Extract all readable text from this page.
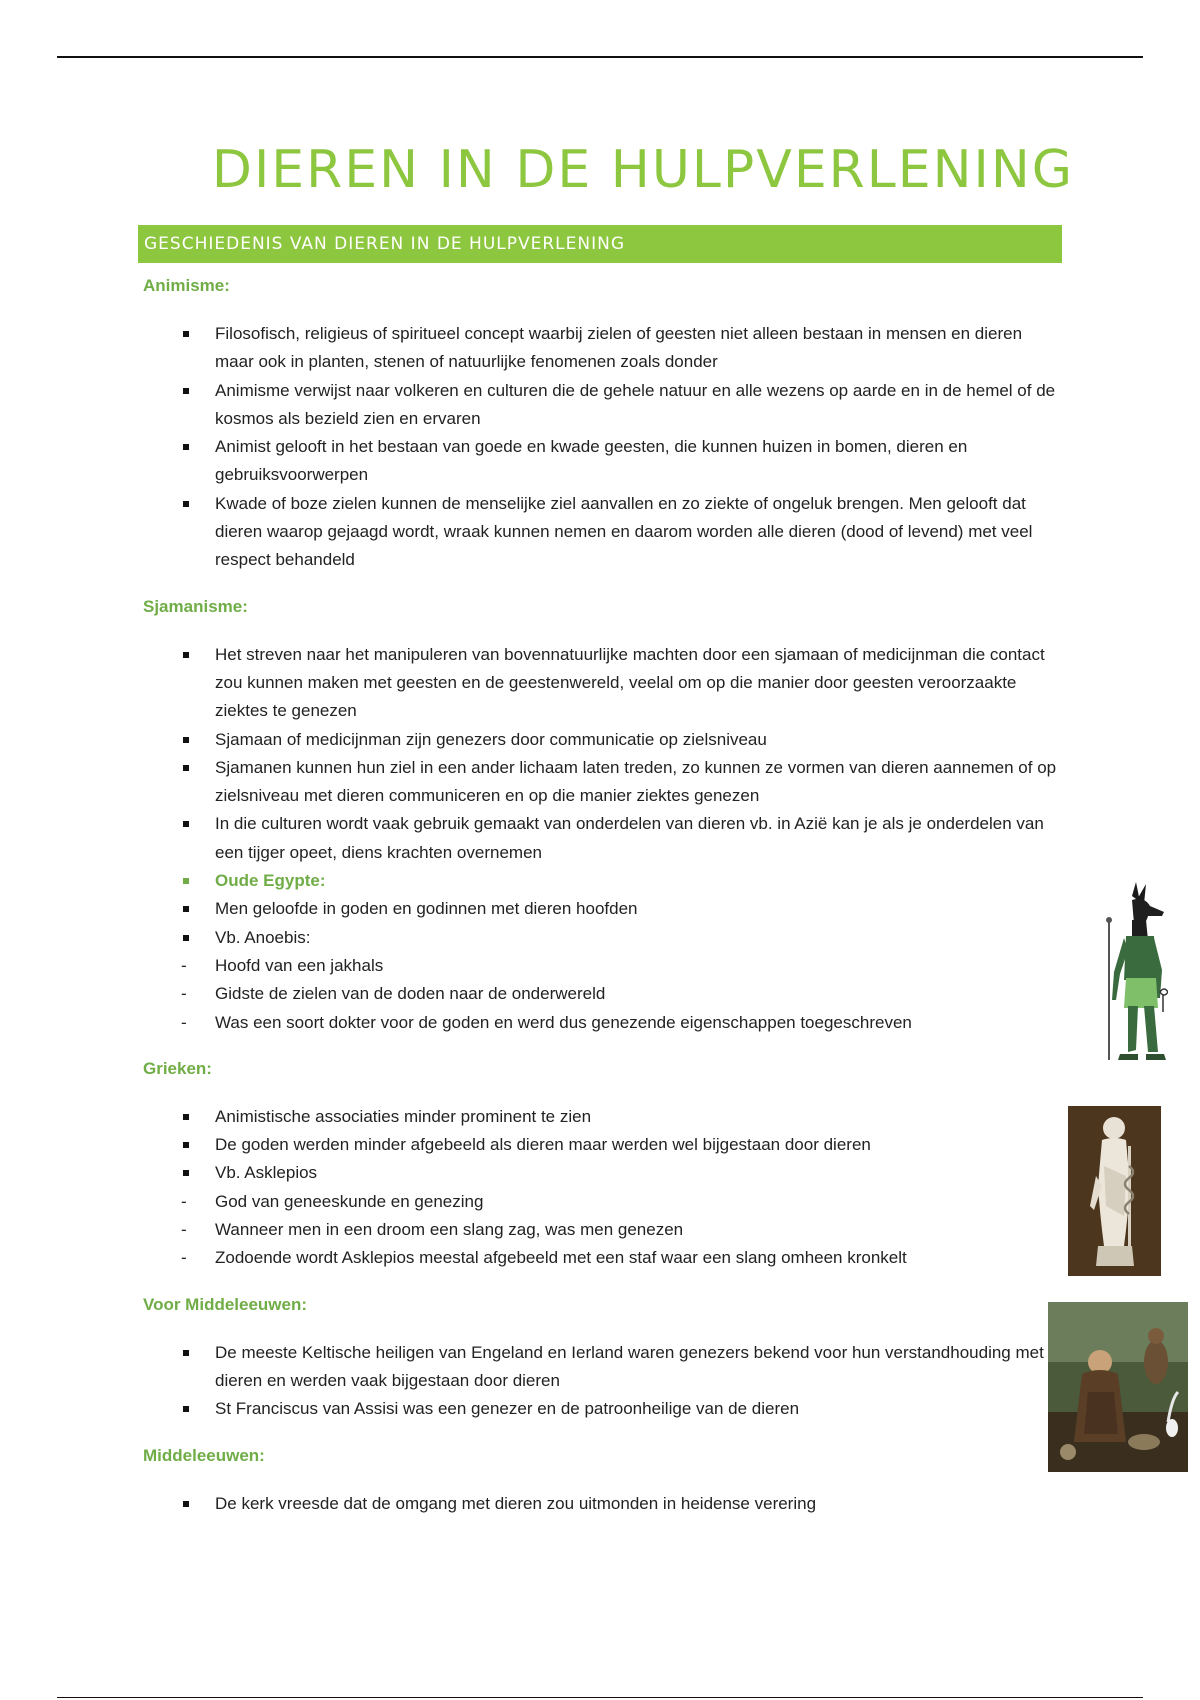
DIEREN IN DE HULPVERLENING
GESCHIEDENIS VAN DIEREN IN DE HULPVERLENING
Animisme:
Filosofisch, religieus of spiritueel concept waarbij zielen of geesten niet alleen bestaan in mensen en dieren maar ook in planten, stenen of natuurlijke fenomenen zoals donder
Animisme verwijst naar volkeren en culturen die de gehele natuur en alle wezens op aarde en in de hemel of de kosmos als bezield zien en ervaren
Animist gelooft in het bestaan van goede en kwade geesten, die kunnen huizen in bomen, dieren en gebruiksvoorwerpen
Kwade of boze zielen kunnen de menselijke ziel aanvallen en zo ziekte of ongeluk brengen. Men gelooft dat dieren waarop gejaagd wordt, wraak kunnen nemen en daarom worden alle dieren (dood of levend) met veel respect behandeld
Sjamanisme:
Het streven naar het manipuleren van bovennatuurlijke machten door een sjamaan of medicijnman die contact zou kunnen maken met geesten en de geestenwereld, veelal om op die manier door geesten veroorzaakte ziektes te genezen
Sjamaan of medicijnman zijn genezers door communicatie op zielsniveau
Sjamanen kunnen hun ziel in een ander lichaam laten treden, zo kunnen ze vormen van dieren aannemen of op zielsniveau met dieren communiceren en op die manier ziektes genezen
In die culturen wordt vaak gebruik gemaakt van onderdelen van dieren vb. in Azië kan je als je onderdelen van een tijger opeet, diens krachten overnemen
Oude Egypte:
Men geloofde in goden en godinnen met dieren hoofden
Vb. Anoebis:
- Hoofd van een jakhals
- Gidste de zielen van de doden naar de onderwereld
- Was een soort dokter voor de goden en werd dus genezende eigenschappen toegeschreven
Grieken:
Animistische associaties minder prominent te zien
De goden werden minder afgebeeld als dieren maar werden wel bijgestaan door dieren
Vb. Asklepios
- God van geneeskunde en genezing
- Wanneer men in een droom een slang zag, was men genezen
- Zodoende wordt Asklepios meestal afgebeeld met een staf waar een slang omheen kronkelt
Voor Middeleeuwen:
De meeste Keltische heiligen van Engeland en Ierland waren genezers bekend voor hun verstandhouding met dieren en werden vaak bijgestaan door dieren
St Franciscus van Assisi was een genezer en de patroonheilige van de dieren
Middeleeuwen:
De kerk vreesde dat de omgang met dieren zou uitmonden in heidense verering
